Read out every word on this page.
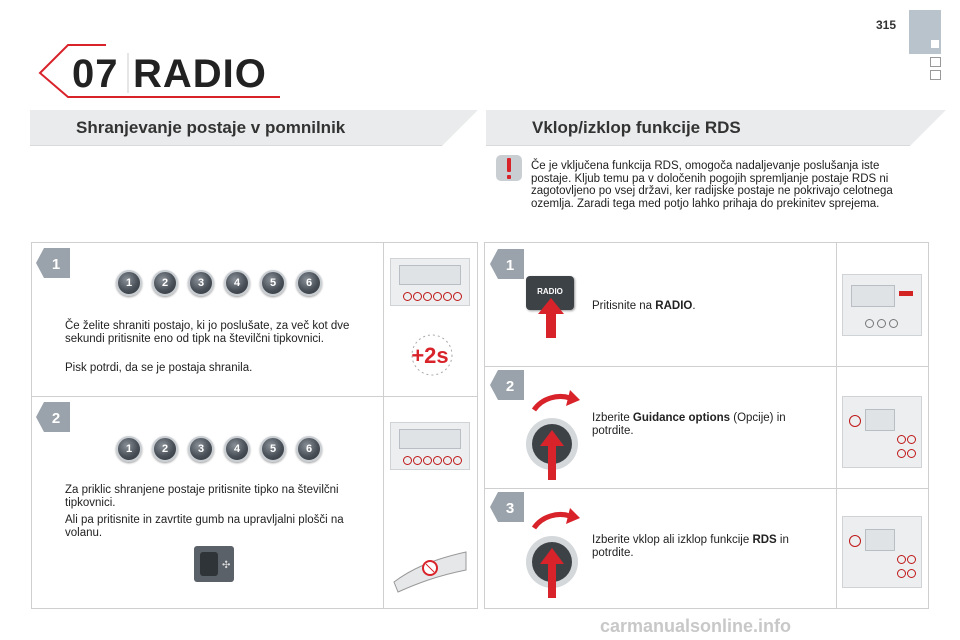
315
07 RADIO
Shranjevanje postaje v pomnilnik	Vklop/izklop funkcije RDS
Če je vključena funkcija RDS, omogoča nadaljevanje poslušanja iste postaje. Kljub temu pa v določenih pogojih spremljanje postaje RDS ni zagotovljeno po vsej državi, ker radijske postaje ne pokrivajo celotnega ozemlja. Zaradi tega med potjo lahko prihaja do prekinitev sprejema.
1
1	2	3	4	5	6
Če želite shraniti postajo, ki jo poslušate, za več kot dve sekundi pritisnite eno od tipk na številčni tipkovnici.
Pisk potrdi, da se je postaja shranila.	+2s
2
1	2	3	4	5	6
Za priklic shranjene postaje pritisnite tipko na številčni tipkovnici.
Ali pa pritisnite in zavrtite gumb na upravljalni plošči na volanu.
✣
1
RADIO
Pritisnite na RADIO.
2
Izberite Guidance options (Opcije) in potrdite.
3
Izberite vklop ali izklop funkcije RDS in potrdite.
carmanualsonline.info
